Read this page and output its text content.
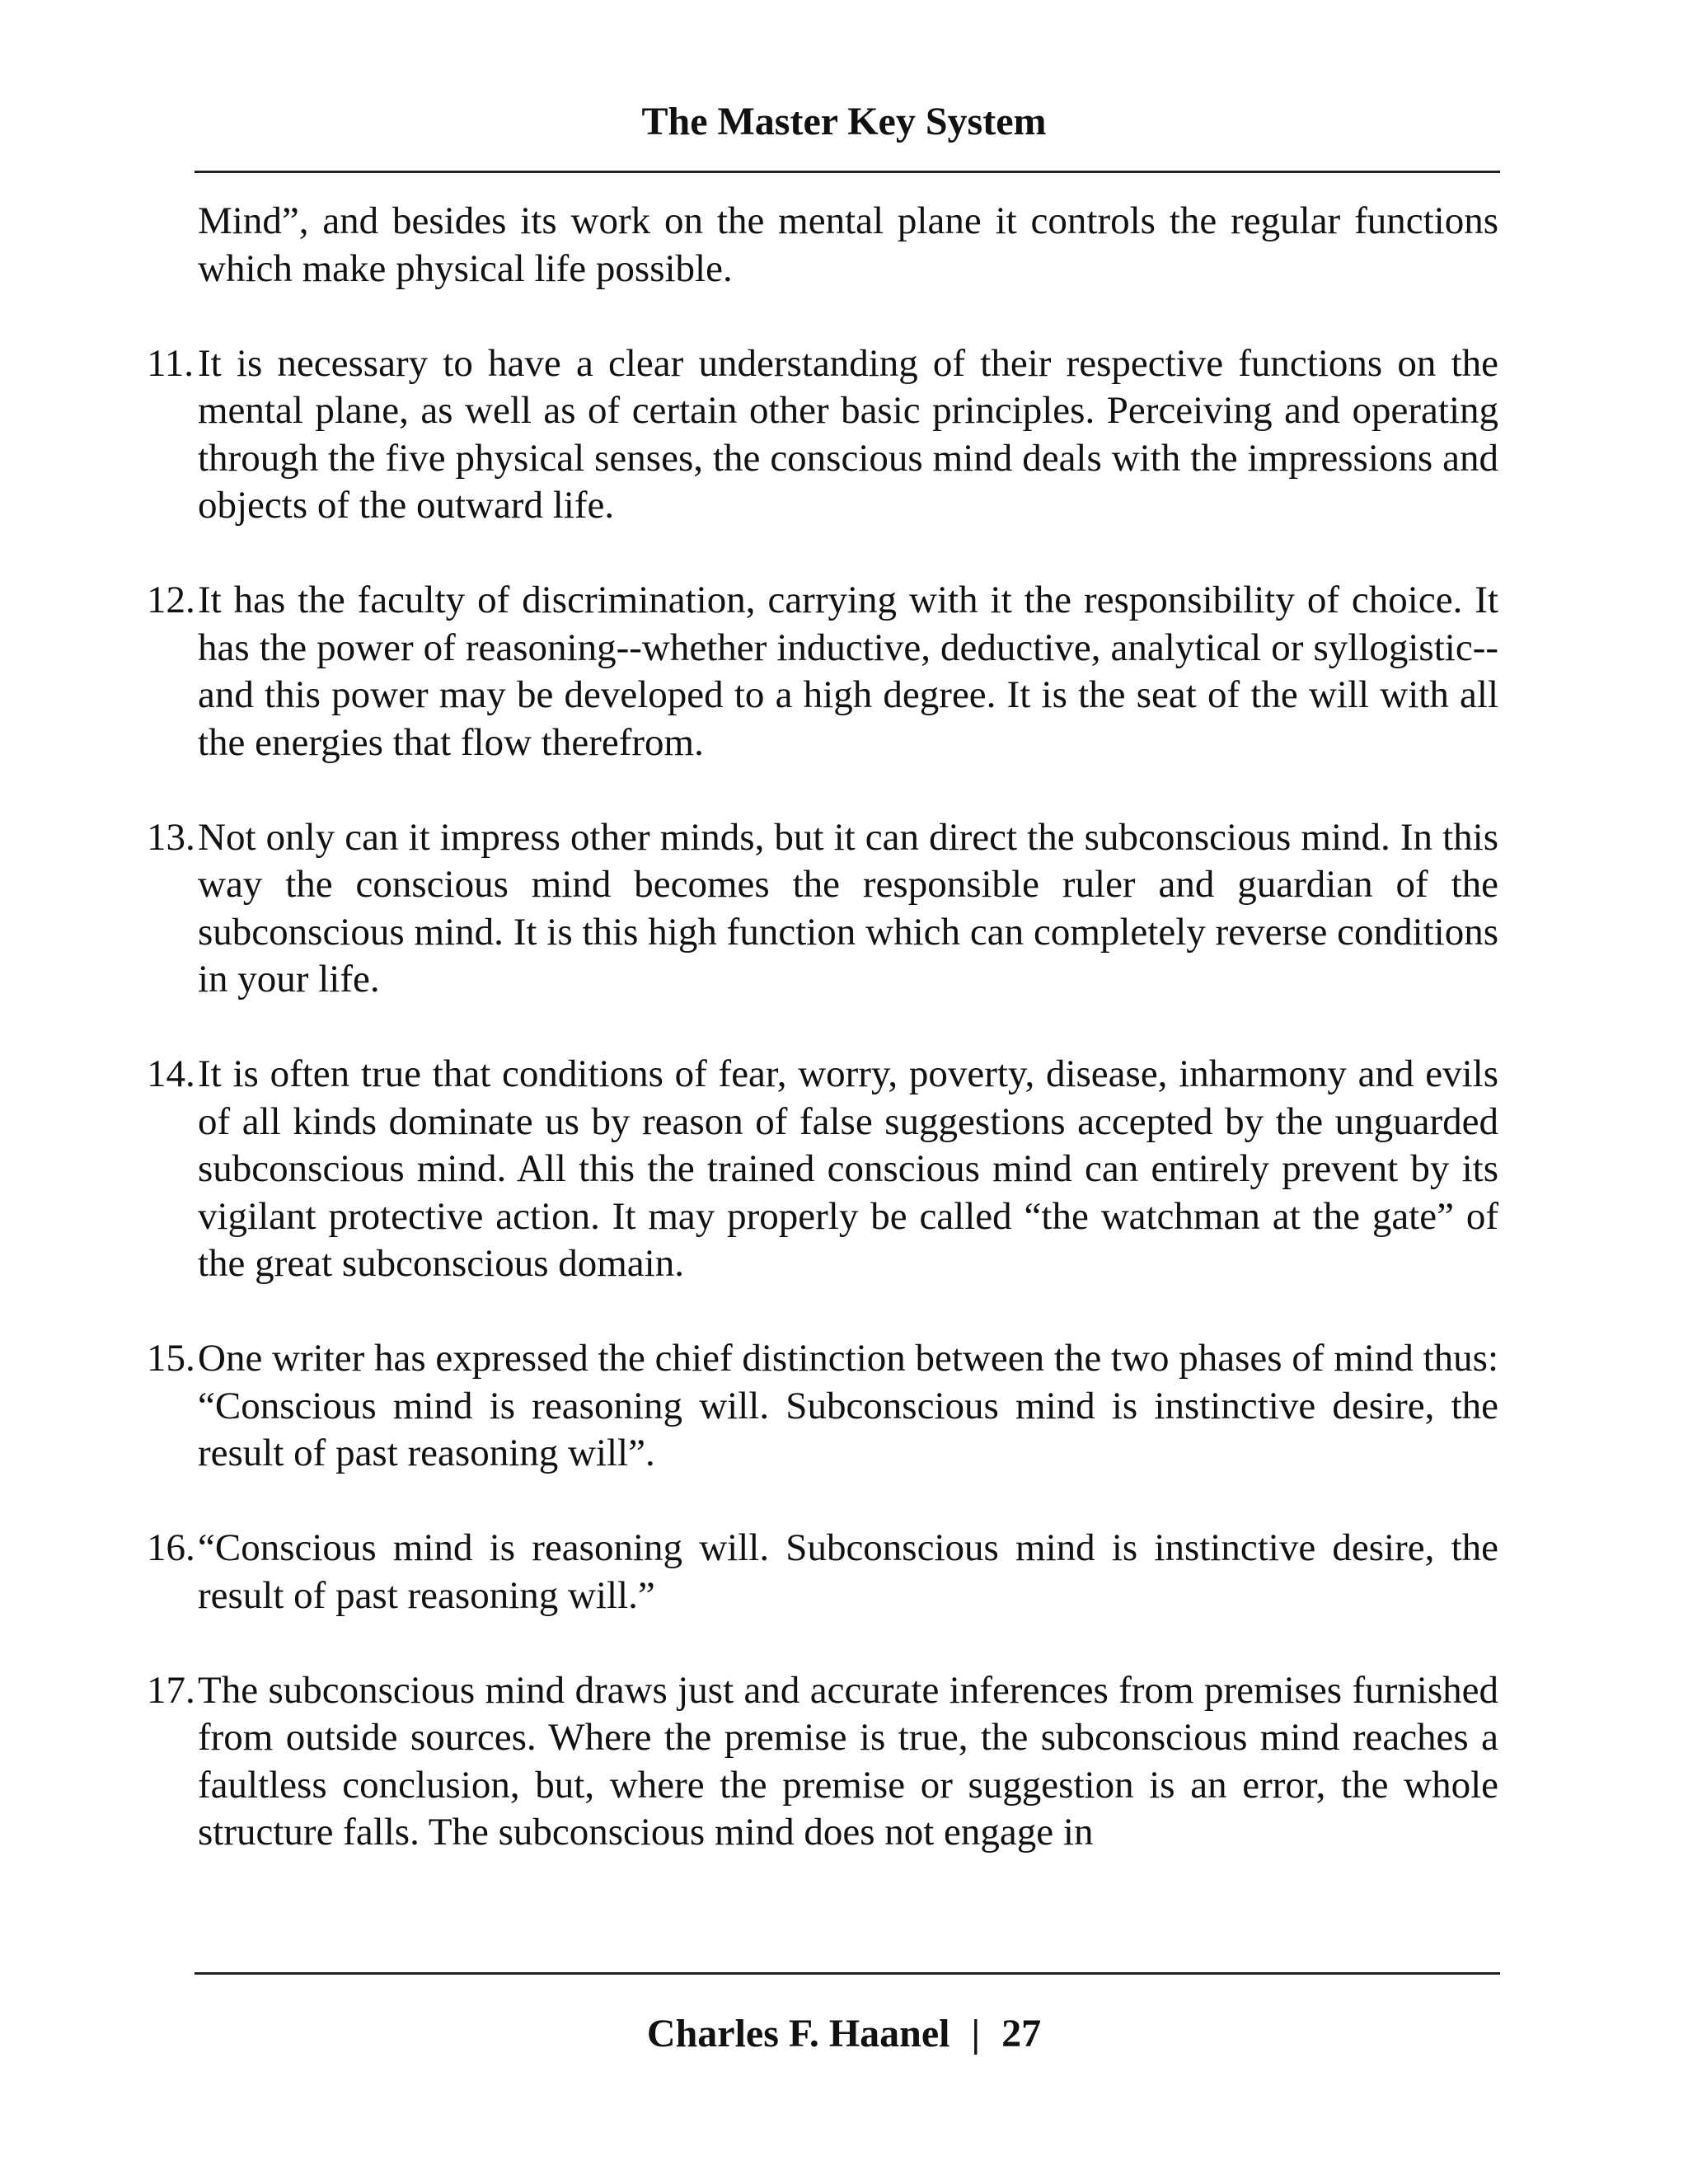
The Master Key System
Mind”, and besides its work on the mental plane it controls the regular functions which make physical life possible.
11. It is necessary to have a clear understanding of their respective functions on the mental plane, as well as of certain other basic principles. Perceiving and operating through the five physical senses, the conscious mind deals with the impressions and objects of the outward life.
12. It has the faculty of discrimination, carrying with it the responsibility of choice. It has the power of reasoning--whether inductive, deductive, analytical or syllogistic--and this power may be developed to a high degree. It is the seat of the will with all the energies that flow therefrom.
13. Not only can it impress other minds, but it can direct the subconscious mind. In this way the conscious mind becomes the responsible ruler and guardian of the subconscious mind. It is this high function which can completely reverse conditions in your life.
14. It is often true that conditions of fear, worry, poverty, disease, inharmony and evils of all kinds dominate us by reason of false suggestions accepted by the unguarded subconscious mind. All this the trained conscious mind can entirely prevent by its vigilant protective action. It may properly be called “the watchman at the gate” of the great subconscious domain.
15. One writer has expressed the chief distinction between the two phases of mind thus: “Conscious mind is reasoning will. Subconscious mind is instinctive desire, the result of past reasoning will”.
16. “Conscious mind is reasoning will. Subconscious mind is instinctive desire, the result of past reasoning will.”
17. The subconscious mind draws just and accurate inferences from premises furnished from outside sources. Where the premise is true, the subconscious mind reaches a faultless conclusion, but, where the premise or suggestion is an error, the whole structure falls. The subconscious mind does not engage in
Charles F. Haanel | 27
